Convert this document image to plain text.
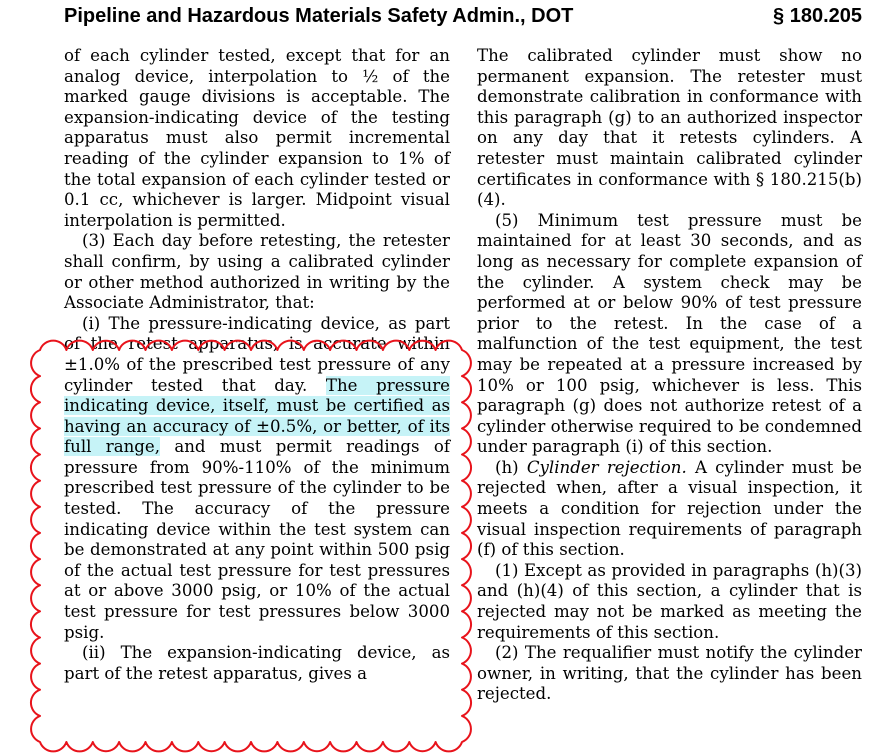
Pipeline and Hazardous Materials Safety Admin., DOT	§ 180.205

of each cylinder tested, except that for an analog device, interpolation to ½ of the marked gauge divisions is acceptable. The expansion-indicating device of the testing apparatus must also permit incremental reading of the cylinder expansion to 1% of the total expansion of each cylinder tested or 0.1 cc, whichever is larger. Midpoint visual interpolation is permitted.

(3) Each day before retesting, the retester shall confirm, by using a calibrated cylinder or other method authorized in writing by the Associate Administrator, that:

(i) The pressure-indicating device, as part of the retest apparatus, is accurate within ±1.0% of the prescribed test pressure of any cylinder tested that day. The pressure indicating device, itself, must be certified as having an accuracy of ±0.5%, or better, of its full range, and must permit readings of pressure from 90%-110% of the minimum prescribed test pressure of the cylinder to be tested. The accuracy of the pressure indicating device within the test system can be demonstrated at any point within 500 psig of the actual test pressure for test pressures at or above 3000 psig, or 10% of the actual test pressure for test pressures below 3000 psig.

(ii) The expansion-indicating device, as part of the retest apparatus, gives a

The calibrated cylinder must show no permanent expansion. The retester must demonstrate calibration in conformance with this paragraph (g) to an authorized inspector on any day that it retests cylinders. A retester must maintain calibrated cylinder certificates in conformance with § 180.215(b)(4).

(5) Minimum test pressure must be maintained for at least 30 seconds, and as long as necessary for complete expansion of the cylinder. A system check may be performed at or below 90% of test pressure prior to the retest. In the case of a malfunction of the test equipment, the test may be repeated at a pressure increased by 10% or 100 psig, whichever is less. This paragraph (g) does not authorize retest of a cylinder otherwise required to be condemned under paragraph (i) of this section.

(h) Cylinder rejection. A cylinder must be rejected when, after a visual inspection, it meets a condition for rejection under the visual inspection requirements of paragraph (f) of this section.

(1) Except as provided in paragraphs (h)(3) and (h)(4) of this section, a cylinder that is rejected may not be marked as meeting the requirements of this section.

(2) The requalifier must notify the cylinder owner, in writing, that the cylinder has been rejected.
